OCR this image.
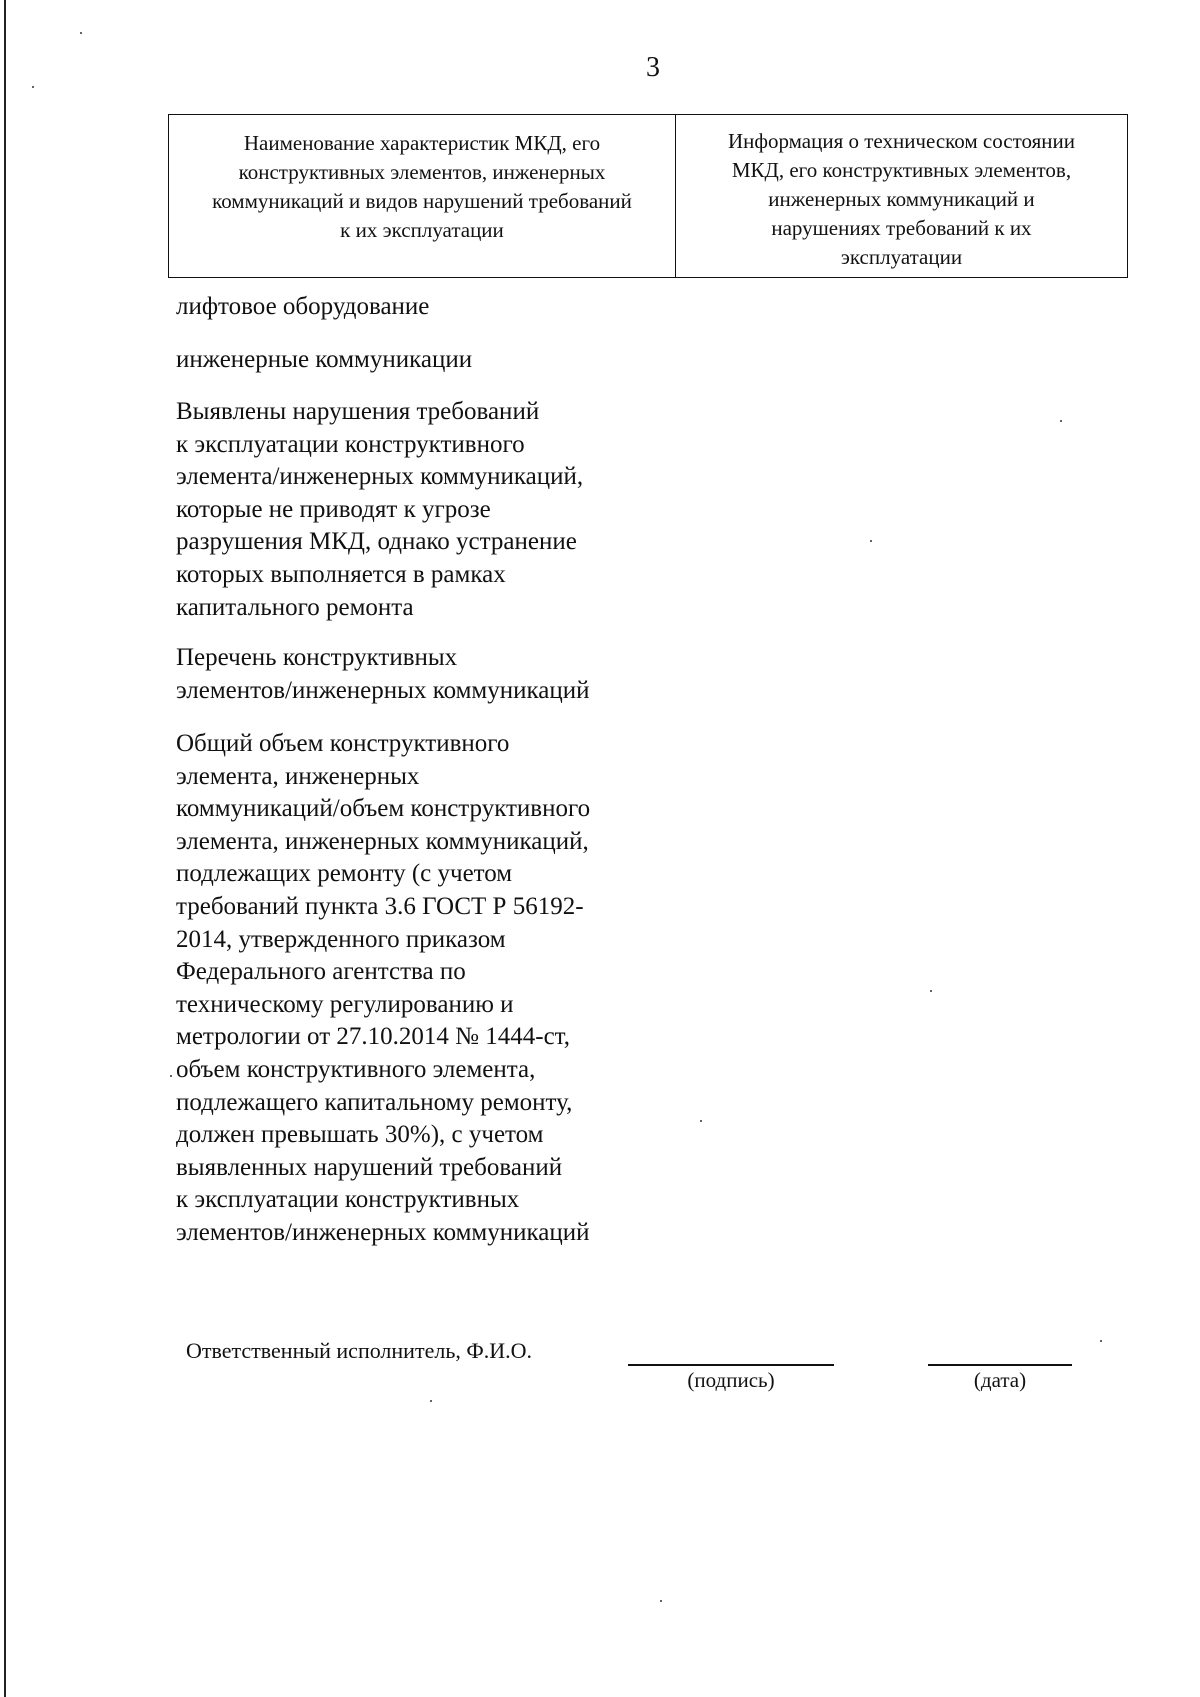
3
Наименование характеристик МКД, его
конструктивных элементов, инженерных
коммуникаций и видов нарушений требований
к их эксплуатации
Информация о техническом состоянии
МКД, его конструктивных элементов,
инженерных коммуникаций и
нарушениях требований к их
эксплуатации
лифтовое оборудование
инженерные коммуникации
Выявлены нарушения требований
к эксплуатации конструктивного
элемента/инженерных коммуникаций,
которые не приводят к угрозе
разрушения МКД, однако устранение
которых выполняется в рамках
капитального ремонта
Перечень конструктивных
элементов/инженерных коммуникаций
Общий объем конструктивного
элемента, инженерных
коммуникаций/объем конструктивного
элемента, инженерных коммуникаций,
подлежащих ремонту (с учетом
требований пункта 3.6 ГОСТ Р 56192-
2014, утвержденного приказом
Федерального агентства по
техническому регулированию и
метрологии от 27.10.2014 № 1444-ст,
объем конструктивного элемента,
подлежащего капитальному ремонту,
должен превышать 30%), с учетом
выявленных нарушений требований
к эксплуатации конструктивных
элементов/инженерных коммуникаций
Ответственный исполнитель, Ф.И.О.
(подпись)	(дата)
